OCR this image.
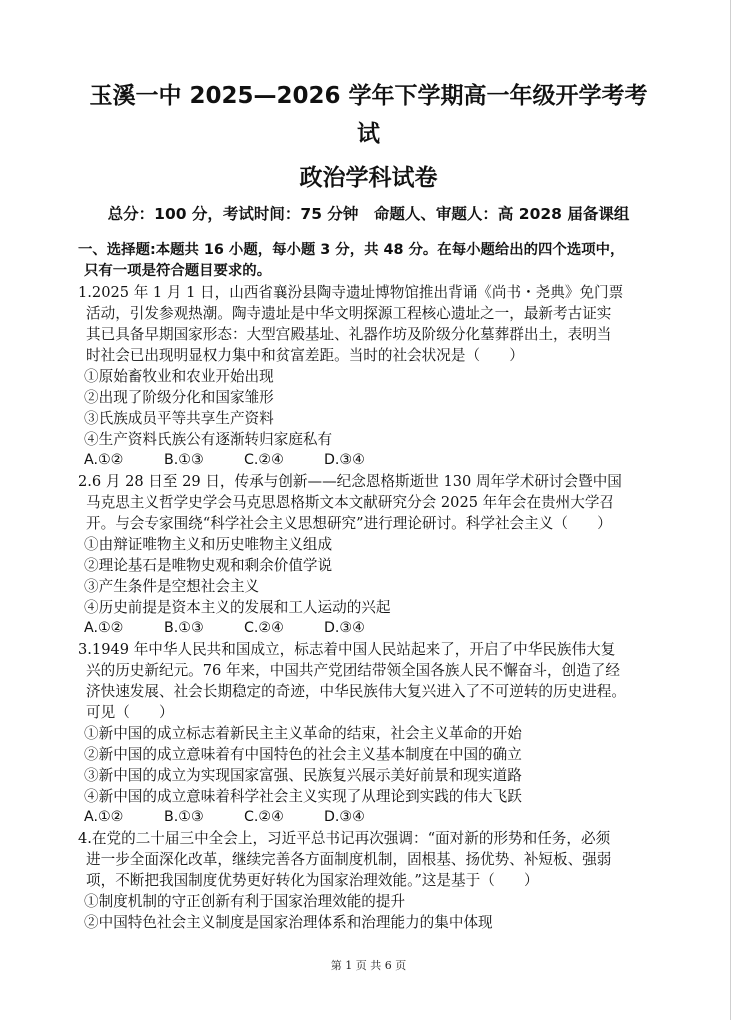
玉溪一中 2025—2026 学年下学期高一年级开学考考
试
政治学科试卷
总分：100 分，考试时间：75 分钟　命题人、审题人：高 2028 届备课组
一、选择题:本题共 16 小题，每小题 3 分，共 48 分。在每小题给出的四个选项中，
只有一项是符合题目要求的。
1.2025 年 1 月 1 日，山西省襄汾县陶寺遗址博物馆推出背诵《尚书・尧典》免门票
活动，引发参观热潮。陶寺遗址是中华文明探源工程核心遗址之一，最新考古证实
其已具备早期国家形态：大型宫殿基址、礼器作坊及阶级分化墓葬群出土，表明当
时社会已出现明显权力集中和贫富差距。当时的社会状况是（　　）
①原始畜牧业和农业开始出现
②出现了阶级分化和国家雏形
③氏族成员平等共享生产资料
④生产资料氏族公有逐渐转归家庭私有
A.①②	B.①③	C.②④	D.③④
2.6 月 28 日至 29 日，传承与创新——纪念恩格斯逝世 130 周年学术研讨会暨中国
马克思主义哲学史学会马克思恩格斯文本文献研究分会 2025 年年会在贵州大学召
开。与会专家围绕“科学社会主义思想研究”进行理论研讨。科学社会主义（　　）
①由辩证唯物主义和历史唯物主义组成
②理论基石是唯物史观和剩余价值学说
③产生条件是空想社会主义
④历史前提是资本主义的发展和工人运动的兴起
A.①②	B.①③	C.②④	D.③④
3.1949 年中华人民共和国成立，标志着中国人民站起来了，开启了中华民族伟大复
兴的历史新纪元。76 年来，中国共产党团结带领全国各族人民不懈奋斗，创造了经
济快速发展、社会长期稳定的奇迹，中华民族伟大复兴进入了不可逆转的历史进程。
可见（　　）
①新中国的成立标志着新民主主义革命的结束，社会主义革命的开始
②新中国的成立意味着有中国特色的社会主义基本制度在中国的确立
③新中国的成立为实现国家富强、民族复兴展示美好前景和现实道路
④新中国的成立意味着科学社会主义实现了从理论到实践的伟大飞跃
A.①②	B.①③	C.②④	D.③④
4.在党的二十届三中全会上，习近平总书记再次强调：“面对新的形势和任务，必须
进一步全面深化改革，继续完善各方面制度机制，固根基、扬优势、补短板、强弱
项，不断把我国制度优势更好转化为国家治理效能。”这是基于（　　）
①制度机制的守正创新有利于国家治理效能的提升
②中国特色社会主义制度是国家治理体系和治理能力的集中体现
第 1 页 共 6 页
